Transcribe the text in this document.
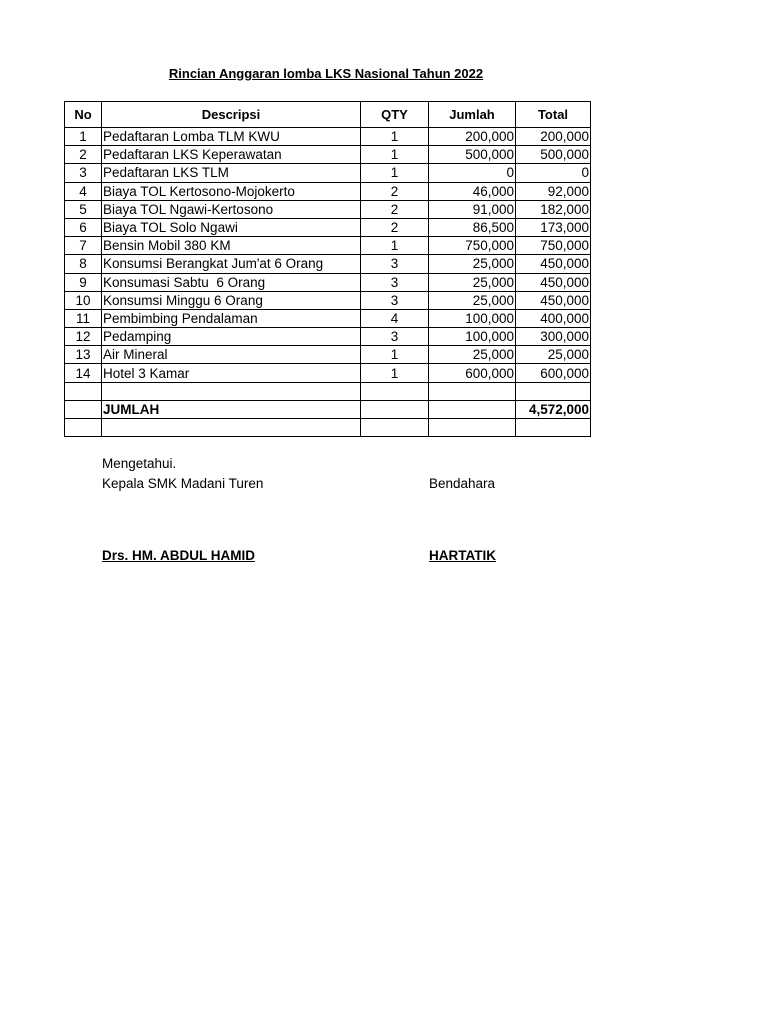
Rincian Anggaran lomba LKS Nasional Tahun 2022
No	Descripsi	QTY	Jumlah	Total
1	Pedaftaran Lomba TLM KWU	1	200,000	200,000
2	Pedaftaran LKS Keperawatan	1	500,000	500,000
3	Pedaftaran LKS TLM	1	0	0
4	Biaya TOL Kertosono-Mojokerto	2	46,000	92,000
5	Biaya TOL Ngawi-Kertosono	2	91,000	182,000
6	Biaya TOL Solo Ngawi	2	86,500	173,000
7	Bensin Mobil 380 KM	1	750,000	750,000
8	Konsumsi Berangkat Jum'at 6 Orang	3	25,000	450,000
9	Konsumasi Sabtu  6 Orang	3	25,000	450,000
10	Konsumsi Minggu 6 Orang	3	25,000	450,000
11	Pembimbing Pendalaman	4	100,000	400,000
12	Pedamping	3	100,000	300,000
13	Air Mineral	1	25,000	25,000
14	Hotel 3 Kamar	1	600,000	600,000

	JUMLAH			4,572,000

Mengetahui.
Kepala SMK Madani Turen	Bendahara
Drs. HM. ABDUL HAMID	HARTATIK
